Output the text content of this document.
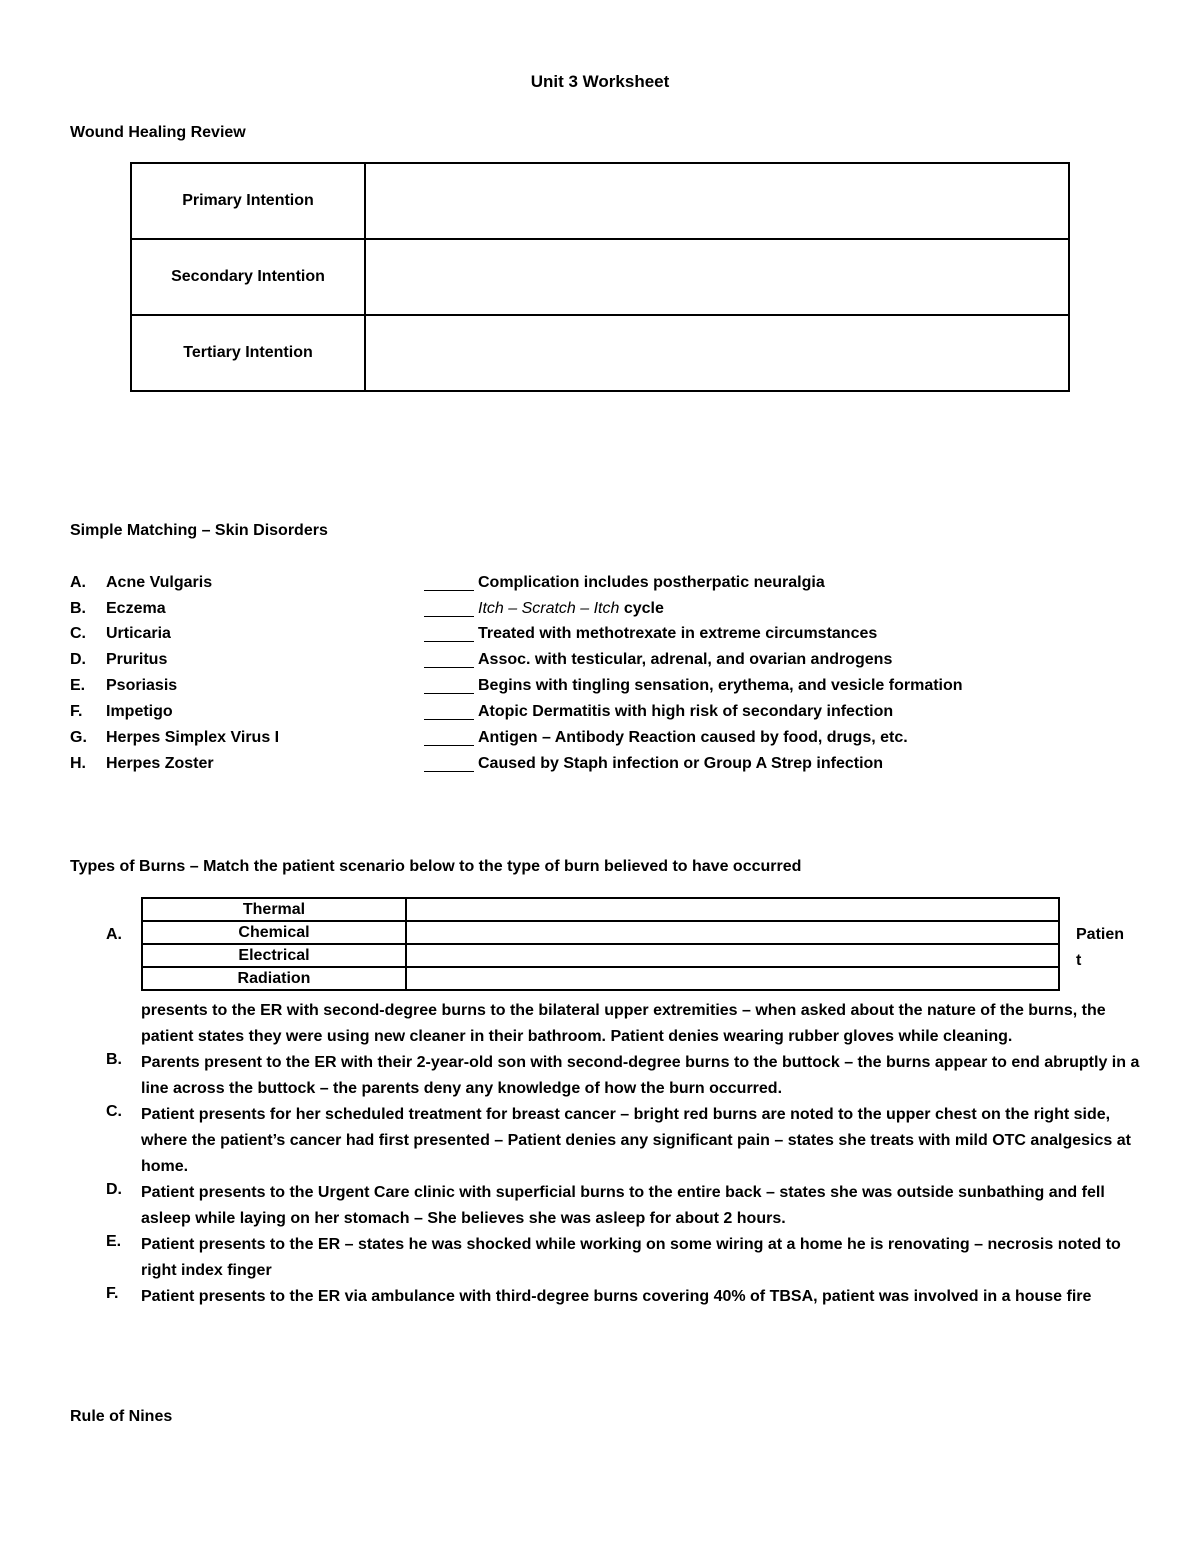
Unit 3 Worksheet
Wound Healing Review
Primary Intention	
Secondary Intention	
Tertiary Intention	
Simple Matching – Skin Disorders
A.	Acne Vulgaris	Complication includes postherpatic neuralgia
B.	Eczema	Itch – Scratch – Itch cycle
C.	Urticaria	Treated with methotrexate in extreme circumstances
D.	Pruritus	Assoc. with testicular, adrenal, and ovarian androgens
E.	Psoriasis	Begins with tingling sensation, erythema, and vesicle formation
F.	Impetigo	Atopic Dermatitis with high risk of secondary infection
G.	Herpes Simplex Virus I	Antigen – Antibody Reaction caused by food, drugs, etc.
H.	Herpes Zoster	Caused by Staph infection or Group A Strep infection
Types of Burns – Match the patient scenario below to the type of burn believed to have occurred
Thermal	
Chemical	
Electrical	
Radiation	
A.	Patien
t
presents to the ER with second-degree burns to the bilateral upper extremities – when asked about the nature of the burns, the patient states they were using new cleaner in their bathroom. Patient denies wearing rubber gloves while cleaning.
B. Parents present to the ER with their 2-year-old son with second-degree burns to the buttock – the burns appear to end abruptly in a line across the buttock – the parents deny any knowledge of how the burn occurred.
C. Patient presents for her scheduled treatment for breast cancer – bright red burns are noted to the upper chest on the right side, where the patient’s cancer had first presented – Patient denies any significant pain – states she treats with mild OTC analgesics at home.
D. Patient presents to the Urgent Care clinic with superficial burns to the entire back – states she was outside sunbathing and fell asleep while laying on her stomach – She believes she was asleep for about 2 hours.
E. Patient presents to the ER – states he was shocked while working on some wiring at a home he is renovating – necrosis noted to right index finger
F. Patient presents to the ER via ambulance with third-degree burns covering 40% of TBSA, patient was involved in a house fire
Rule of Nines
